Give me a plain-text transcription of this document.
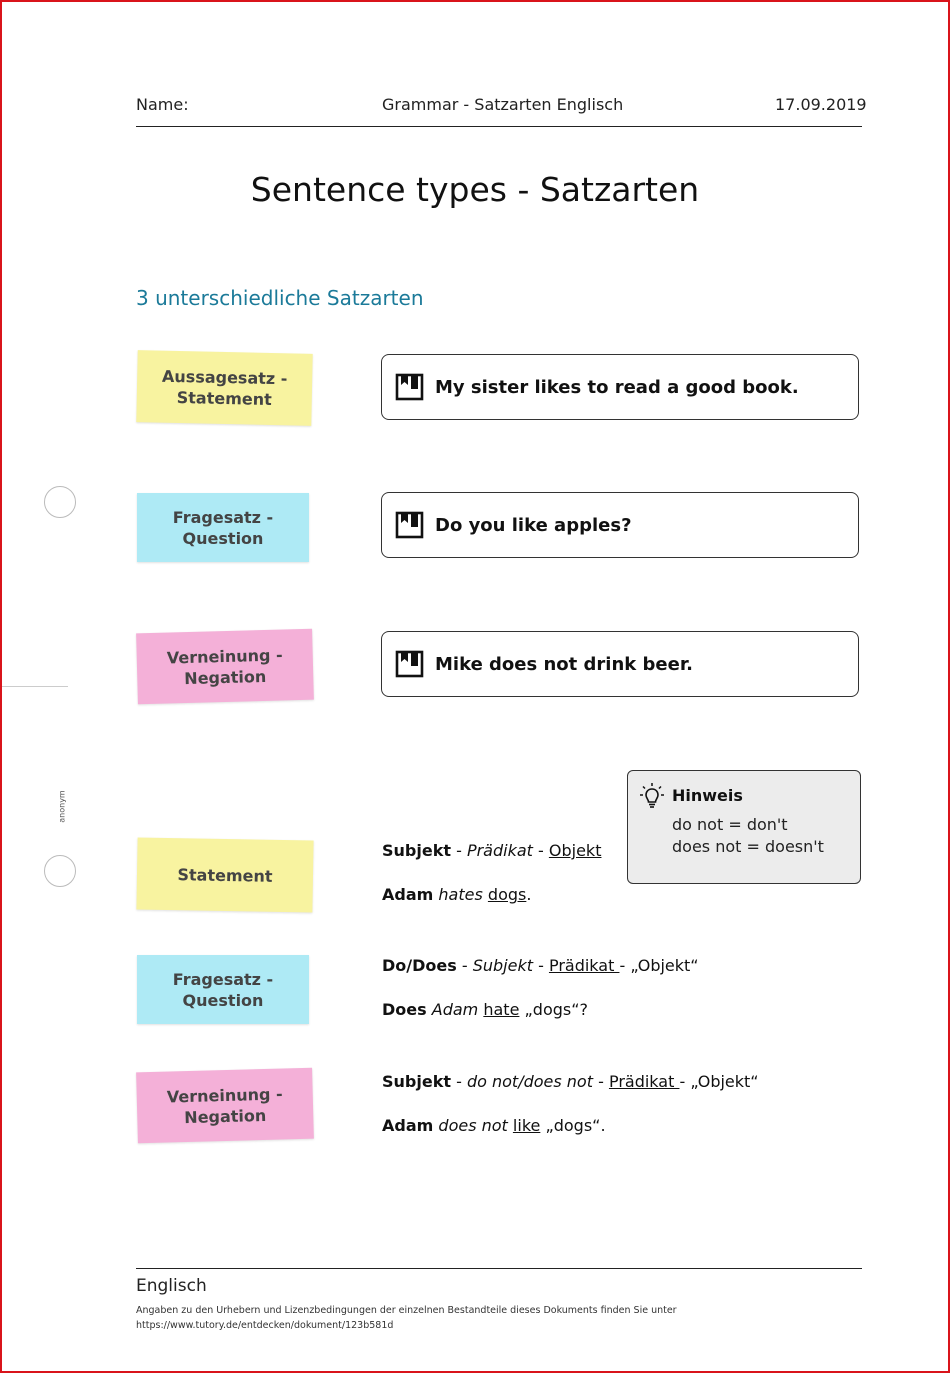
Name:	Grammar - Satzarten Englisch	17.09.2019
Sentence types - Satzarten
3 unterschiedliche Satzarten
anonym
Aussagesatz -
Statement
Fragesatz -
Question
Verneinung -
Negation
My sister likes to read a good book.
Do you like apples?
Mike does not drink beer.
Hinweis
do not = don't
does not = doesn't
Statement
Fragesatz -
Question
Verneinung -
Negation
Subjekt - Prädikat - Objekt
Adam hates dogs.
Do/Does - Subjekt - Prädikat - „Objekt“
Does Adam hate „dogs“?
Subjekt - do not/does not - Prädikat - „Objekt“
Adam does not like „dogs“.
Englisch
Angaben zu den Urhebern und Lizenzbedingungen der einzelnen Bestandteile dieses Dokuments finden Sie unter
https://www.tutory.de/entdecken/dokument/123b581d
